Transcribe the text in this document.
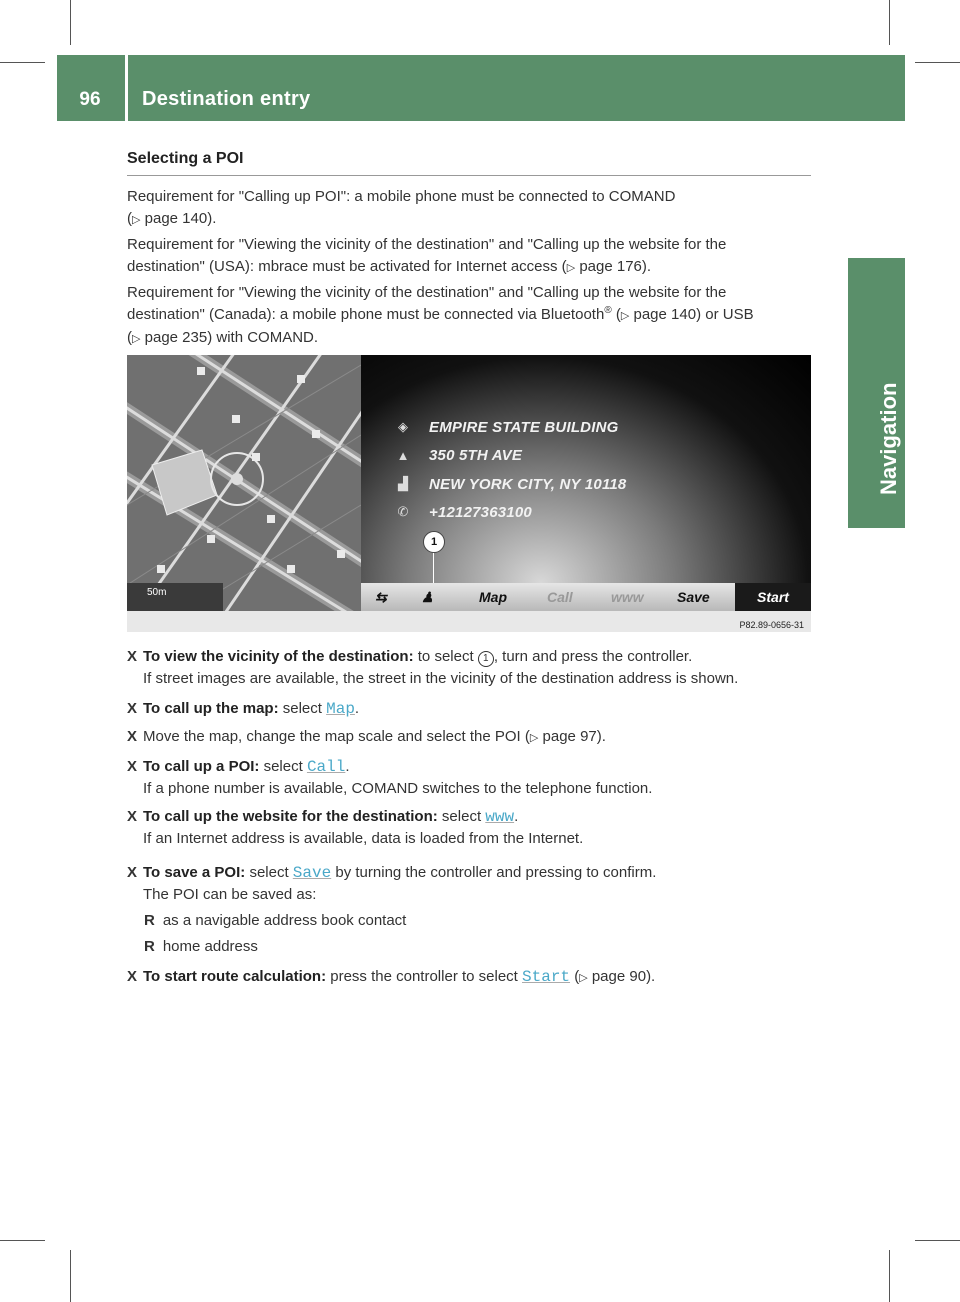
96	Destination entry
Navigation
Selecting a POI
Requirement for "Calling up POI": a mobile phone must be connected to COMAND
(▷ page 140).
Requirement for "Viewing the vicinity of the destination" and "Calling up the website for the
destination" (USA): mbrace must be activated for Internet access (▷ page 176).
Requirement for "Viewing the vicinity of the destination" and "Calling up the website for the
destination" (Canada): a mobile phone must be connected via Bluetooth® (▷ page 140) or USB
(▷ page 235) with COMAND.
50m
◈ EMPIRE STATE BUILDING
▲ 350 5TH AVE
▟ NEW YORK CITY, NY 10118
✆ +12127363100
1
⇆ ♟	Map	Call	www Save	Start
P82.89-0656-31
X To view the vicinity of the destination: to select 1 , turn and press the controller.
If street images are available, the street in the vicinity of the destination address is shown.
X To call up the map: select Map.
X Move the map, change the map scale and select the POI (▷ page 97).
X To call up a POI: select Call.
If a phone number is available, COMAND switches to the telephone function.
X To call up the website for the destination: select www.
If an Internet address is available, data is loaded from the Internet.
X To save a POI: select Save by turning the controller and pressing to confirm.
The POI can be saved as:
R as a navigable address book contact
R home address
X To start route calculation: press the controller to select Start (▷ page 90).
